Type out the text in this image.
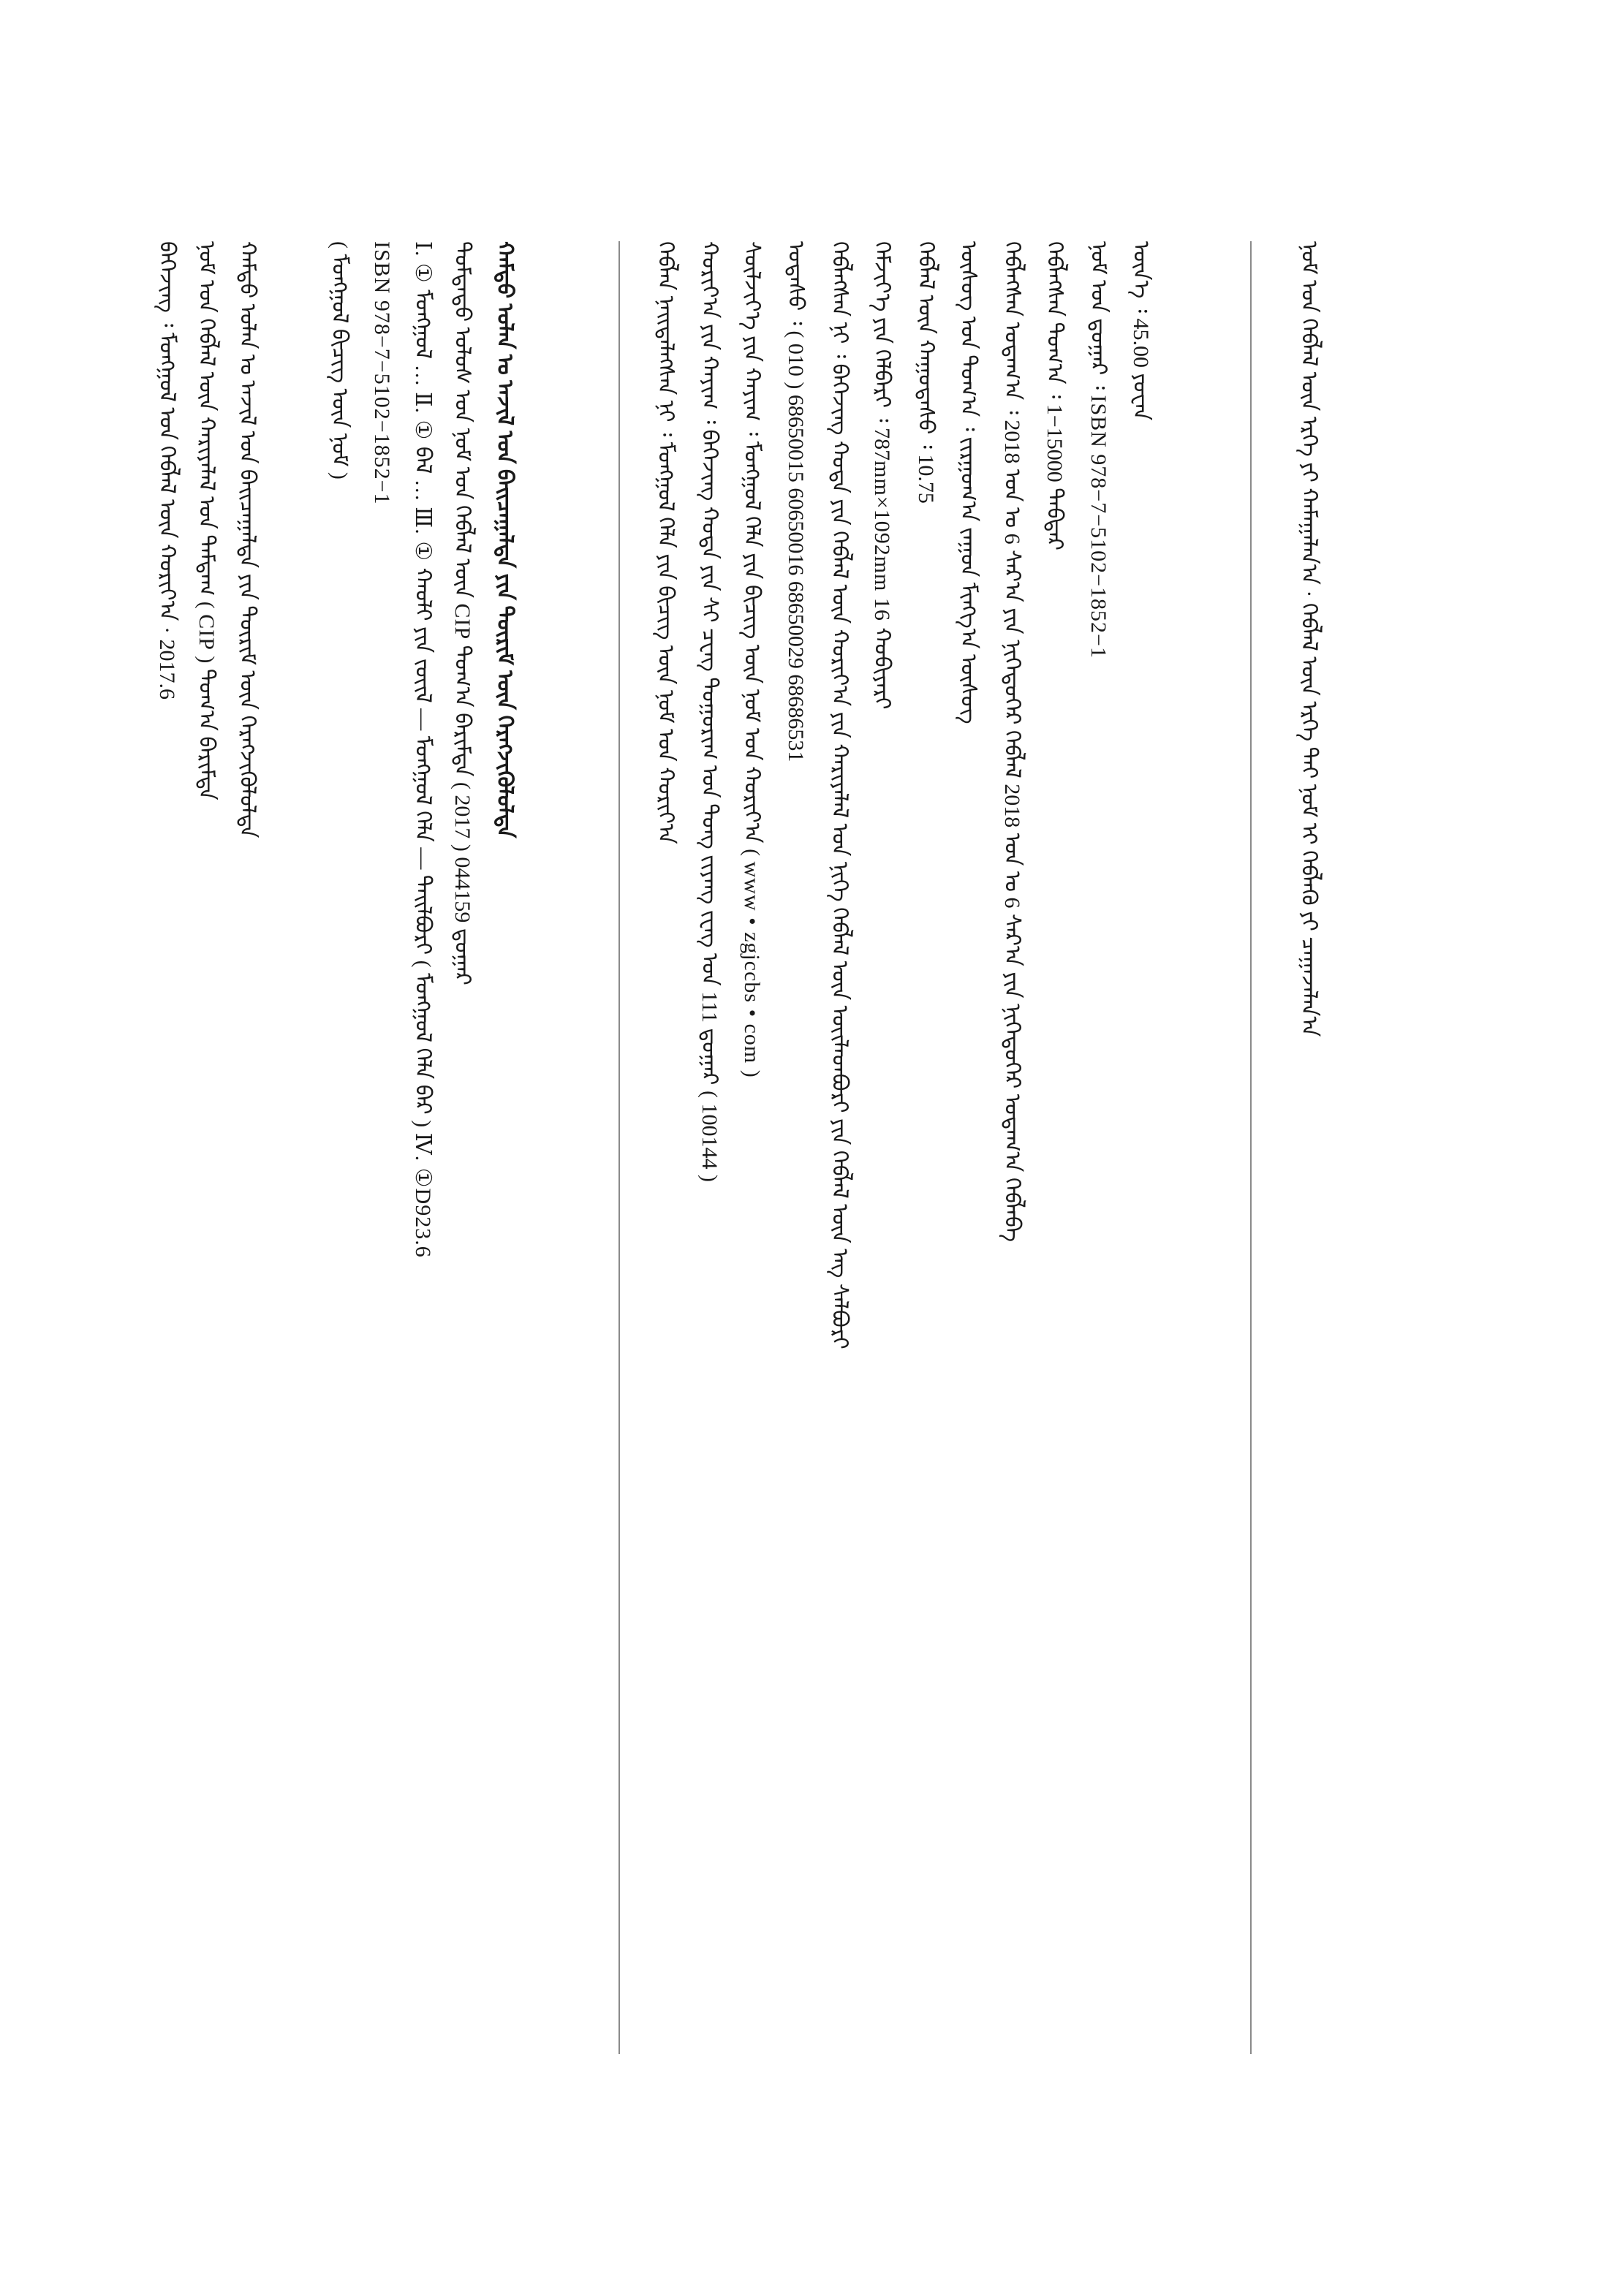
ᠬᠠᠮᠲᠤ ᠣᠯᠠᠨ ᠤ ᠠᠵᠢᠯ ᠤᠨ ᠪᠠᠢᠴᠠᠭᠠᠯᠲᠠ ᠶᠢᠨ ᠳᠦᠷᠢᠮ ᠦᠨ ᠬᠡᠷᠡᠭᠵᠢᠭᠦᠯᠦᠯᠲᠡ
ᠨᠣᠮ ᠤᠨ ᠬᠡᠪᠯᠡᠯ ᠦᠨ ᠬᠠᠷᠢᠶᠠᠯᠠᠯ ᠤᠨ ᠲᠡᠮᠳᠡᠭ᠋ ( CIP ) ᠲᠣᠭ᠎ᠠ ᠪᠠᠷᠢᠮᠲᠠ
ᠪᠡᠭᠡᠵᠢᠩ ᠄ ᠮᠣᠩᠭᠣᠯ ᠤᠨ ᠬᠡᠪᠯᠡᠯ ᠦᠨ ᠬᠣᠷᠢᠶ᠎ᠠ · 2017.6	( ᠮᠣᠩᠭᠣᠯ ᠪᠢᠴᠢᠭ᠌ ᠦᠨ ᠨᠣᠮ ) ISBN 978−7−5102−1852−1 Ⅰ. ① ᠮᠣᠩᠭᠣᠯ … Ⅱ. ① ᠪᠡᠯ … Ⅲ. ① ᠬᠠᠤᠯᠢ ᠶᠢᠨ ᠵᠦᠢᠯ — ᠮᠣᠩᠭᠣᠯ ᠬᠡᠯᠡ — ᠲᠠᠢᠯᠪᠤᠷᠢ ( ᠮᠣᠩᠭᠣᠯ ᠬᠡᠯᠡ ᠪᠡᠷ ) Ⅳ. ①D923.6 ᠳᠤᠮᠳᠠᠳᠤ ᠤᠯᠤᠰ ᠤᠨ ᠨᠣᠮ ᠤᠨ ᠬᠡᠪᠯᠡᠯ ᠦᠨ CIP ᠲᠣᠭ᠎ᠠ ᠪᠠᠷᠢᠮᠲᠠ ( 2017 ) 044159 ᠳ᠋ᠤᠭᠠᠷ ᠬᠠᠮᠲᠤ ᠣᠯᠠᠨ ᠤ ᠠᠵᠢᠯ ᠤᠨ ᠪᠠᠢᠴᠠᠭᠠᠯᠲᠠ ᠶᠢᠨ ᠳᠦᠷᠢᠮ ᠦᠨ ᠬᠡᠷᠡᠭᠵᠢᠭᠦᠯᠦᠯᠲᠡ	ᠬᠡᠪᠯᠡᠨ ᠨᠡᠢᠲᠡᠯᠡᠭᠰᠡᠨ ᠨᠢ ᠄ ᠮᠣᠩᠭᠣᠯ ᠬᠡᠯᠡ ᠶᠢᠨ ᠪᠢᠴᠢᠭ᠌ ᠦᠨ ᠨᠣᠮ ᠤᠨ ᠬᠣᠷᠢᠶ᠎ᠠ ᠬᠣᠷᠢᠶ᠎ᠠ ᠶᠢᠨ ᠬᠠᠶᠢᠭ ᠄ ᠪᠡᠭᠡᠵᠢᠩ ᠬᠣᠲᠠ ᠶᠢᠨ ᠰᠢ ᠴᠧᠩ ᠲᠣᠭᠣᠷᠢᠭ ᠤᠨ ᠳᠤᠩ ᠵᠢᠶᠠᠩ ᠵᠧᠩ ᠤᠨ 111 ᠳ᠋ᠤᠭᠠᠷ ( 100144 ) ᠰᠦᠯᠵᠢᠶ᠎ᠡ ᠶᠢᠨ ᠬᠠᠶᠢᠭ ᠄ ᠮᠣᠩᠭᠣᠯ ᠬᠡᠯᠡ ᠶᠢᠨ ᠪᠢᠴᠢᠭ᠌ ᠦᠨ ᠨᠣᠮ ᠤᠨ ᠬᠣᠷᠢᠶ᠎ᠠ ( www • zgjccbs • com ) ᠤᠲᠠᠰᠤ ᠄ ( 010 ) 68650015 60650016 68650029 68686531 ᠬᠡᠪᠯᠡᠭᠰᠡᠨ ᠨᠢ ᠄ ᠪᠡᠭᠡᠵᠢᠩ ᠬᠣᠲᠠ ᠶᠢᠨ ᠬᠡᠪᠯᠡᠯ ᠦᠨ ᠬᠣᠷᠢᠶ᠎ᠠ ᠶᠢᠨ ᠬᠠᠷᠢᠶᠠᠯᠠᠯ ᠤᠨ ᠨᠢᠭᠡ ᠬᠡᠪᠯᠡᠯ ᠦᠨ ᠦᠢᠯᠡᠳᠪᠦᠷᠢ ᠶᠢᠨ ᠬᠡᠪᠯᠡᠯ ᠦᠨ ᠡᠩ ᠰᠠᠯᠪᠤᠷᠢ ᠬᠡᠮᠵᠢᠶ᠎ᠡ ᠶᠢᠨ ᠬᠡᠯᠪᠡᠷᠢ ᠄ 787mm×1092mm 16 ᠬᠤᠪᠢᠶᠠᠷᠢ ᠬᠡᠪᠯᠡᠯ ᠦᠨ ᠬᠠᠭᠤᠳᠠᠰᠤ ᠄ 10.75 ᠦᠰᠦᠭ ᠤᠨ ᠲᠣᠭ᠎ᠠ ᠄ ᠵᠢᠷᠭᠤᠭ᠎ᠠ ᠵᠠᠭᠤᠨ ᠮᠢᠩᠭ᠎ᠠ ᠦᠰᠦᠭ ᠬᠡᠪᠯᠡᠭᠰᠡᠨ ᠤᠳᠠᠭ᠎ᠠ ᠄ 2018 ᠣᠨ ᠤ 6 ᠰᠠᠷ᠎ᠠ ᠶᠢᠨ ᠨᠢᠭᠡᠳᠦᠭᠡᠷ ᠬᠡᠪᠯᠡᠯ 2018 ᠣᠨ ᠤ 6 ᠰᠠᠷ᠎ᠠ ᠶᠢᠨ ᠨᠢᠭᠡᠳᠦᠭᠡᠷ ᠤᠳᠠᠭ᠎ᠠ ᠬᠡᠪᠯᠡᠪᠡ ᠬᠡᠪᠯᠡᠭᠰᠡᠨ ᠲᠣᠭ᠎ᠠ ᠄ 1−15000 ᠳᠡᠪᠲᠡᠷ ᠨᠣᠮ ᠤᠨ ᠳ᠋ᠤᠭᠠᠷ ᠄ ISBN 978−7−5102−1852−1 ᠦᠨ᠎ᠡ ᠄ 45.00 ᠶᠤᠸᠠᠨ	ᠨᠣᠮ ᠤᠨ ᠬᠡᠪᠯᠡᠯ ᠦᠨ ᠡᠷᠬᠡ ᠶᠢ ᠬᠠᠮᠠᠭᠠᠯᠠᠨ᠎ᠠ · ᠬᠡᠪᠯᠡᠯ ᠦᠨ ᠡᠷᠬᠡ ᠲᠠᠢ ᠨᠣᠮ ᠢ ᠬᠡᠪᠯᠡᠬᠦ ᠶᠢ ᠴᠠᠭᠠᠵᠠᠯᠠᠨ᠎ᠠ
